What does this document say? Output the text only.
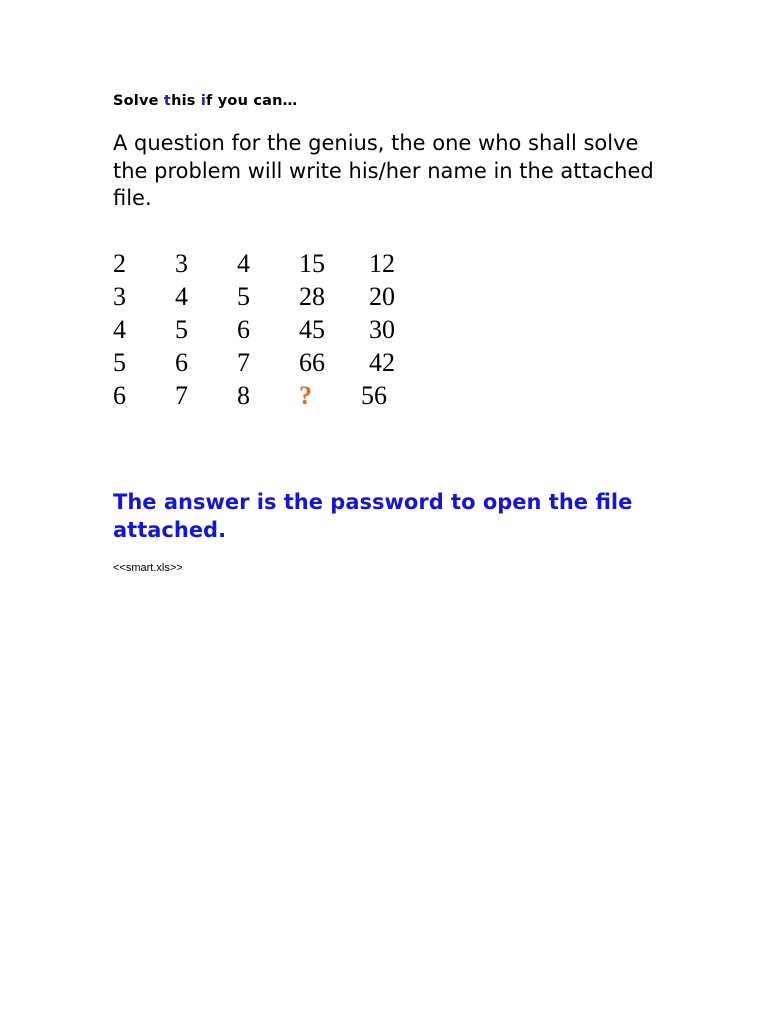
Solve this if you can…
A question for the genius, the one who shall solve the problem will write his/her name in the attached file.
2 3 4 15 12
3 4 5 28 20
4 5 6 45 30
5 6 7 66 42
6 7 8 ? 56
The answer is the password to open the file attached.
<<smart.xls>>
